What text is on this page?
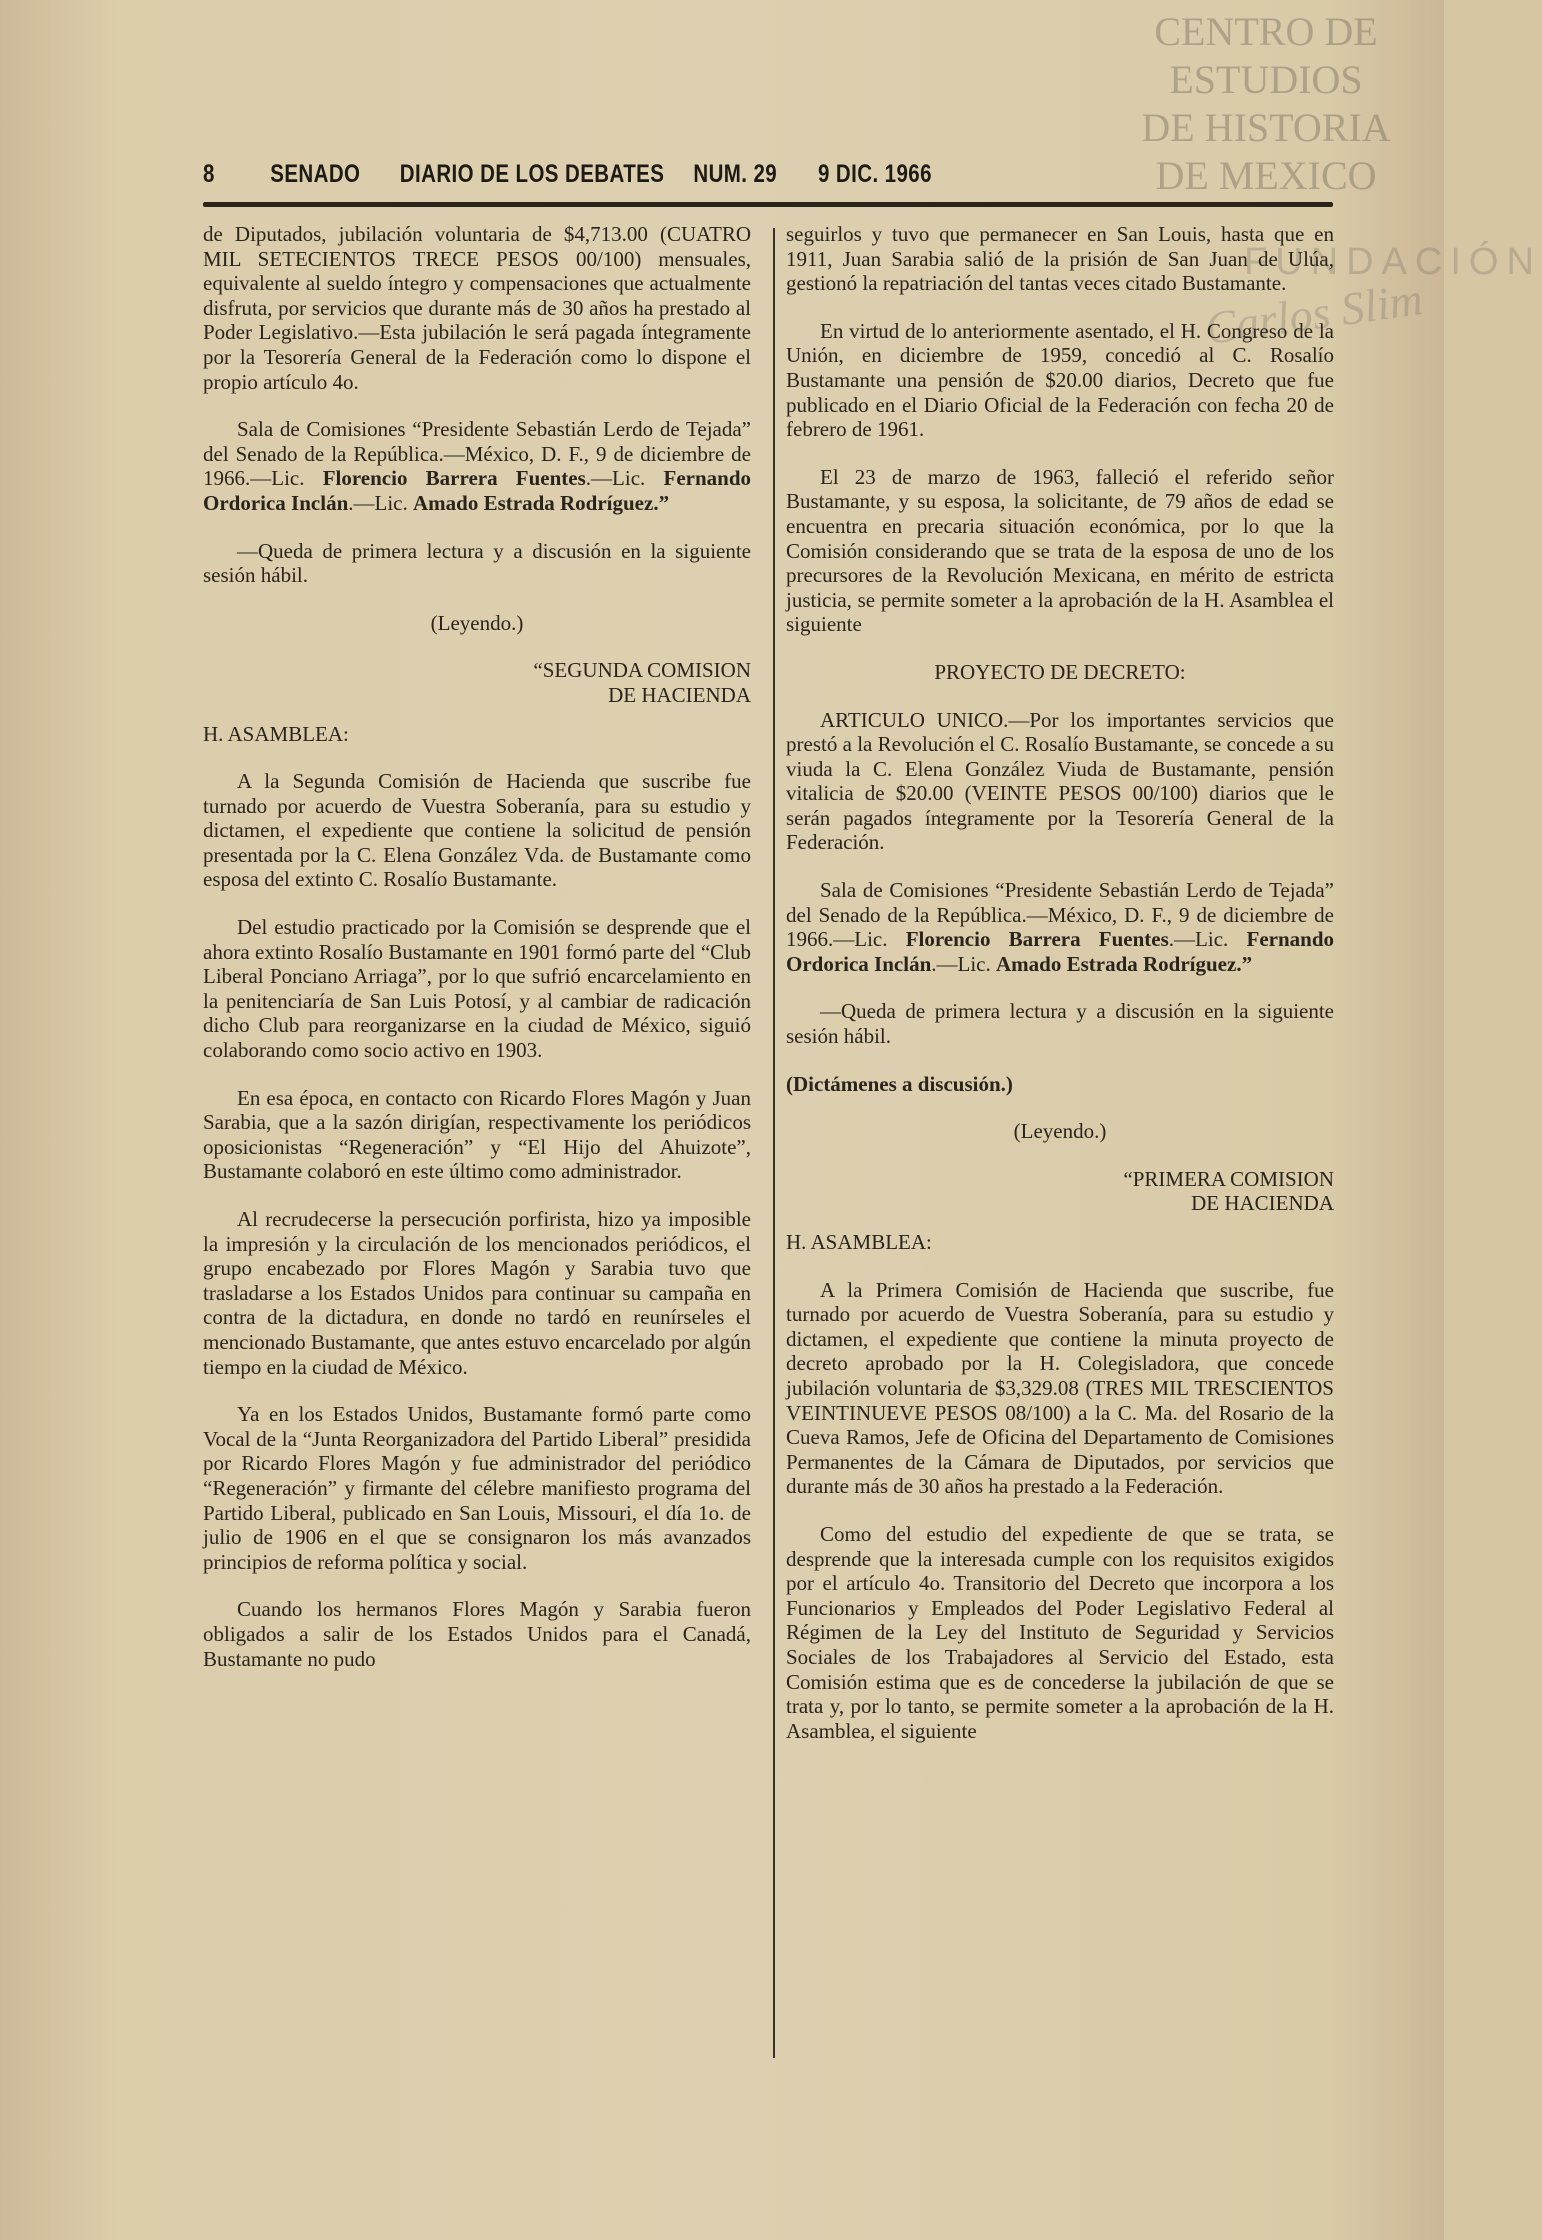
CENTRO DE
ESTUDIOS
DE HISTORIA
DE MEXICO
FUNDACIÓN
Carlos Slim
8 SENADO DIARIO DE LOS DEBATES NUM. 29 9 DIC. 1966

de Diputados, jubilación voluntaria de $4,713.00 (CUATRO MIL SETECIENTOS TRECE PESOS 00/100) mensuales, equivalente al sueldo íntegro y compensaciones que actualmente disfruta, por servicios que durante más de 30 años ha prestado al Poder Legislativo.—Esta jubilación le será pagada íntegramente por la Tesorería General de la Federación como lo dispone el propio artículo 4o.

Sala de Comisiones “Presidente Sebastián Lerdo de Tejada” del Senado de la República.—México, D. F., 9 de diciembre de 1966.—Lic. Florencio Barrera Fuentes.—Lic. Fernando Ordorica Inclán.—Lic. Amado Estrada Rodríguez.”

—Queda de primera lectura y a discusión en la siguiente sesión hábil.

(Leyendo.)

“SEGUNDA COMISION
DE HACIENDA

H. ASAMBLEA:

A la Segunda Comisión de Hacienda que suscribe fue turnado por acuerdo de Vuestra Soberanía, para su estudio y dictamen, el expediente que contiene la solicitud de pensión presentada por la C. Elena González Vda. de Bustamante como esposa del extinto C. Rosalío Bustamante.

Del estudio practicado por la Comisión se desprende que el ahora extinto Rosalío Bustamante en 1901 formó parte del “Club Liberal Ponciano Arriaga”, por lo que sufrió encarcelamiento en la penitenciaría de San Luis Potosí, y al cambiar de radicación dicho Club para reorganizarse en la ciudad de México, siguió colaborando como socio activo en 1903.

En esa época, en contacto con Ricardo Flores Magón y Juan Sarabia, que a la sazón dirigían, respectivamente los periódicos oposicionistas “Regeneración” y “El Hijo del Ahuizote”, Bustamante colaboró en este último como administrador.

Al recrudecerse la persecución porfirista, hizo ya imposible la impresión y la circulación de los mencionados periódicos, el grupo encabezado por Flores Magón y Sarabia tuvo que trasladarse a los Estados Unidos para continuar su campaña en contra de la dictadura, en donde no tardó en reunírseles el mencionado Bustamante, que antes estuvo encarcelado por algún tiempo en la ciudad de México.

Ya en los Estados Unidos, Bustamante formó parte como Vocal de la “Junta Reorganizadora del Partido Liberal” presidida por Ricardo Flores Magón y fue administrador del periódico “Regeneración” y firmante del célebre manifiesto programa del Partido Liberal, publicado en San Louis, Missouri, el día 1o. de julio de 1906 en el que se consignaron los más avanzados principios de reforma política y social.

Cuando los hermanos Flores Magón y Sarabia fueron obligados a salir de los Estados Unidos para el Canadá, Bustamante no pudo

seguirlos y tuvo que permanecer en San Louis, hasta que en 1911, Juan Sarabia salió de la prisión de San Juan de Ulúa, gestionó la repatriación del tantas veces citado Bustamante.

En virtud de lo anteriormente asentado, el H. Congreso de la Unión, en diciembre de 1959, concedió al C. Rosalío Bustamante una pensión de $20.00 diarios, Decreto que fue publicado en el Diario Oficial de la Federación con fecha 20 de febrero de 1961.

El 23 de marzo de 1963, falleció el referido señor Bustamante, y su esposa, la solicitante, de 79 años de edad se encuentra en precaria situación económica, por lo que la Comisión considerando que se trata de la esposa de uno de los precursores de la Revolución Mexicana, en mérito de estricta justicia, se permite someter a la aprobación de la H. Asamblea el siguiente

PROYECTO DE DECRETO:

ARTICULO UNICO.—Por los importantes servicios que prestó a la Revolución el C. Rosalío Bustamante, se concede a su viuda la C. Elena González Viuda de Bustamante, pensión vitalicia de $20.00 (VEINTE PESOS 00/100) diarios que le serán pagados íntegramente por la Tesorería General de la Federación.

Sala de Comisiones “Presidente Sebastián Lerdo de Tejada” del Senado de la República.—México, D. F., 9 de diciembre de 1966.—Lic. Florencio Barrera Fuentes.—Lic. Fernando Ordorica Inclán.—Lic. Amado Estrada Rodríguez.”

—Queda de primera lectura y a discusión en la siguiente sesión hábil.

(Dictámenes a discusión.)

(Leyendo.)

“PRIMERA COMISION
DE HACIENDA

H. ASAMBLEA:

A la Primera Comisión de Hacienda que suscribe, fue turnado por acuerdo de Vuestra Soberanía, para su estudio y dictamen, el expediente que contiene la minuta proyecto de decreto aprobado por la H. Colegisladora, que concede jubilación voluntaria de $3,329.08 (TRES MIL TRESCIENTOS VEINTINUEVE PESOS 08/100) a la C. Ma. del Rosario de la Cueva Ramos, Jefe de Oficina del Departamento de Comisiones Permanentes de la Cámara de Diputados, por servicios que durante más de 30 años ha prestado a la Federación.

Como del estudio del expediente de que se trata, se desprende que la interesada cumple con los requisitos exigidos por el artículo 4o. Transitorio del Decreto que incorpora a los Funcionarios y Empleados del Poder Legislativo Federal al Régimen de la Ley del Instituto de Seguridad y Servicios Sociales de los Trabajadores al Servicio del Estado, esta Comisión estima que es de concederse la jubilación de que se trata y, por lo tanto, se permite someter a la aprobación de la H. Asamblea, el siguiente
